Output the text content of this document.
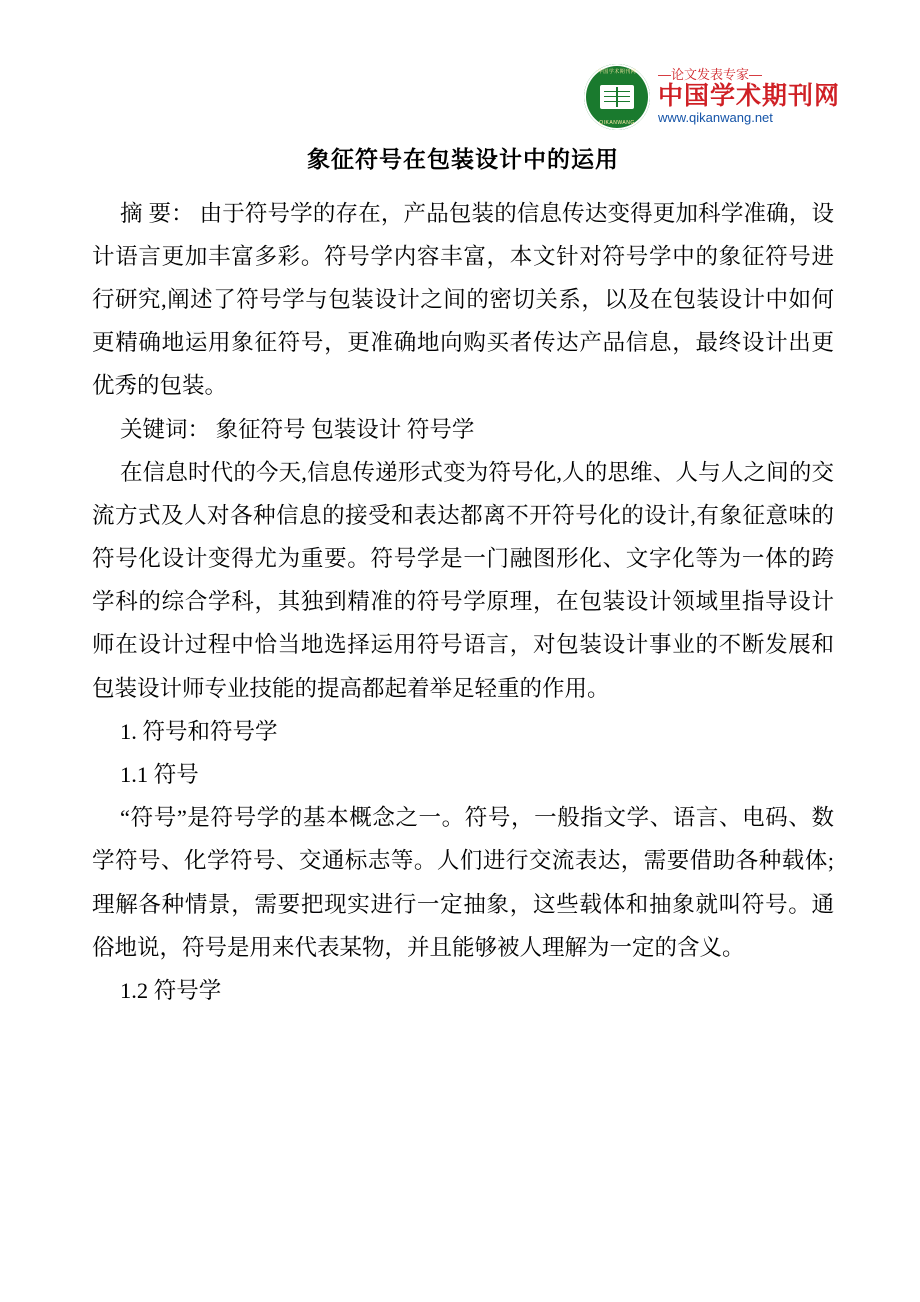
中国学术期刊网
QIKANWANG
—论文发表专家—
中国学术期刊网
www.qikanwang.net
象征符号在包装设计中的运用

摘 要： 由于符号学的存在，产品包装的信息传达变得更加科学准确，设计语言更加丰富多彩。符号学内容丰富，本文针对符号学中的象征符号进行研究,阐述了符号学与包装设计之间的密切关系，以及在包装设计中如何更精确地运用象征符号，更准确地向购买者传达产品信息，最终设计出更优秀的包装。

关键词： 象征符号 包装设计 符号学

在信息时代的今天,信息传递形式变为符号化,人的思维、人与人之间的交流方式及人对各种信息的接受和表达都离不开符号化的设计,有象征意味的符号化设计变得尤为重要。符号学是一门融图形化、文字化等为一体的跨学科的综合学科，其独到精准的符号学原理，在包装设计领域里指导设计师在设计过程中恰当地选择运用符号语言，对包装设计事业的不断发展和包装设计师专业技能的提高都起着举足轻重的作用。

1. 符号和符号学

1.1 符号

“符号”是符号学的基本概念之一。符号，一般指文学、语言、电码、数学符号、化学符号、交通标志等。人们进行交流表达，需要借助各种载体;理解各种情景，需要把现实进行一定抽象，这些载体和抽象就叫符号。通俗地说，符号是用来代表某物，并且能够被人理解为一定的含义。

1.2 符号学
